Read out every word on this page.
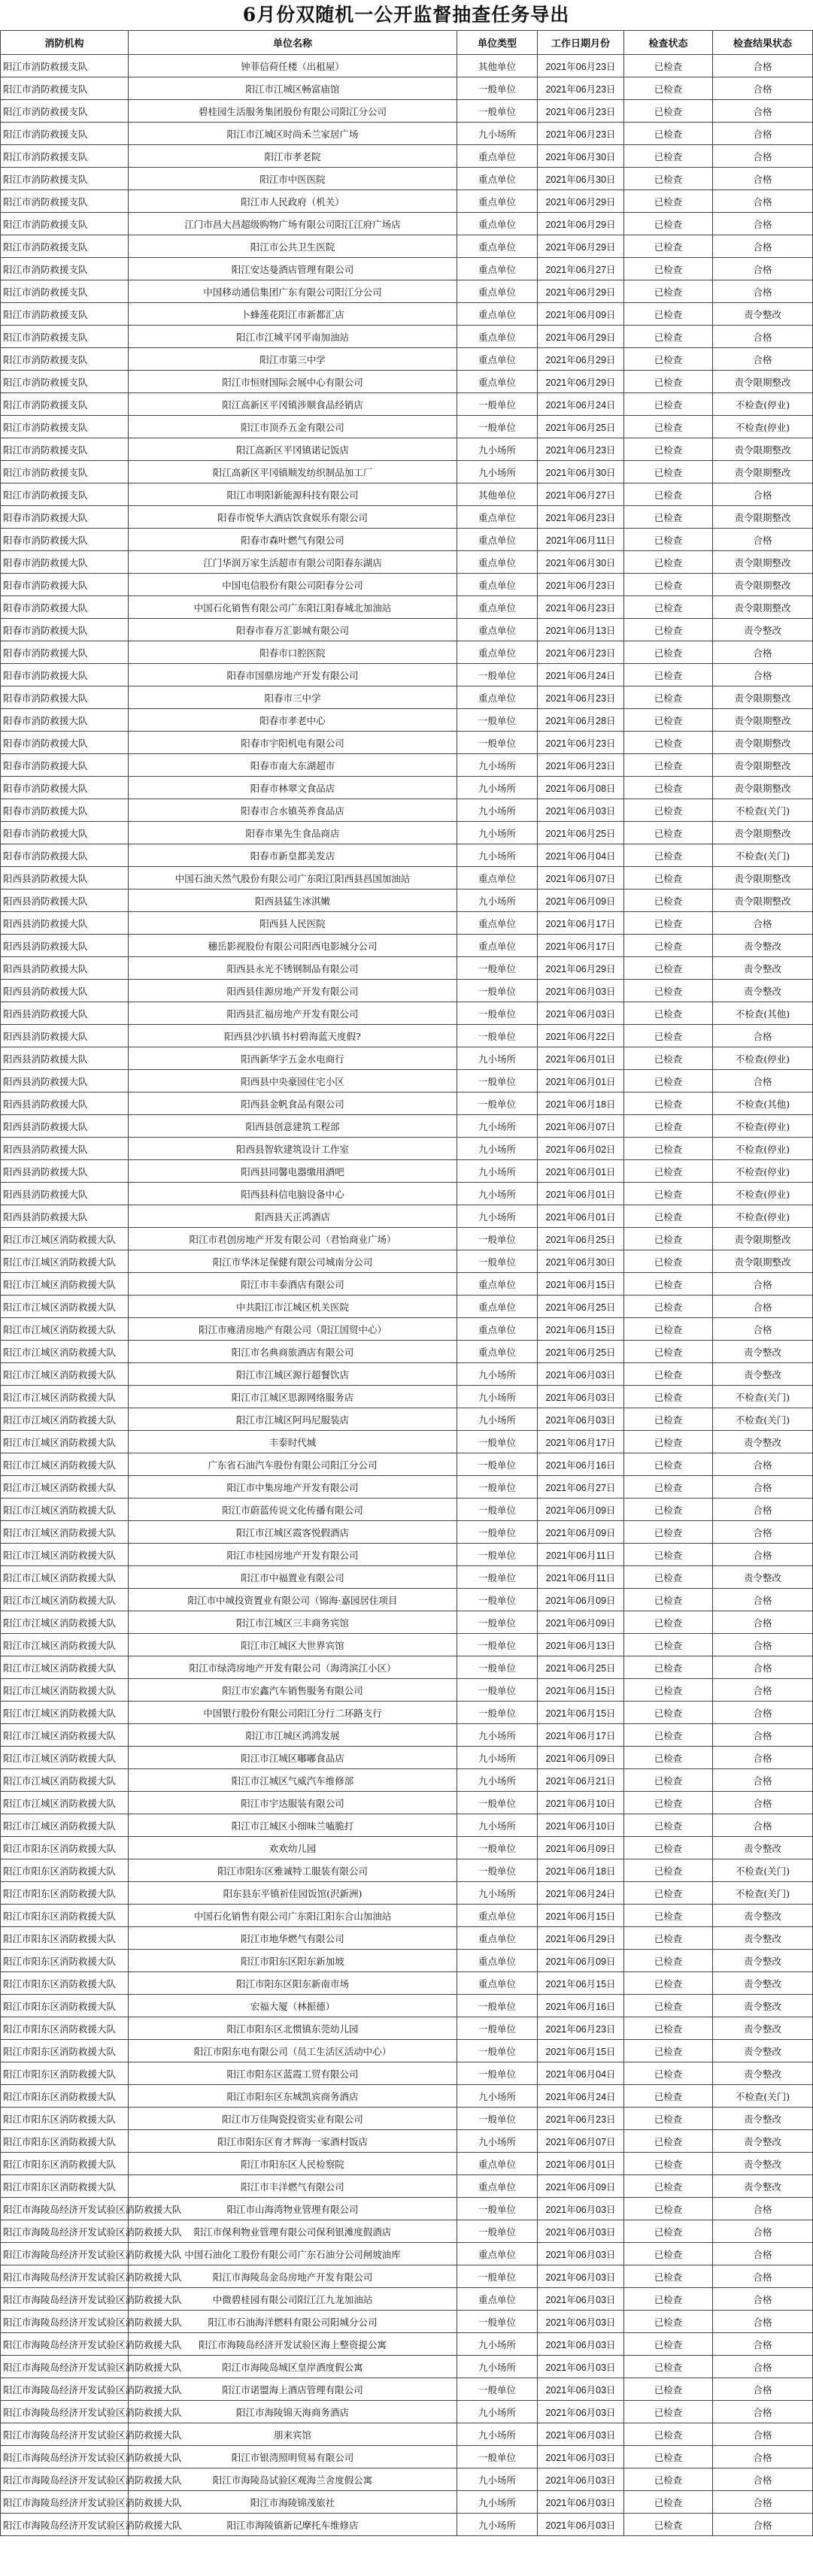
6月份双随机一公开监督抽查任务导出
消防机构	单位名称	单位类型	工作日期月份	检查状态	检查结果状态
阳江市消防救援支队	钟菲信荷任楼（出租屋）	其他单位	2021年06月23日	已检查	合格
阳江市消防救援支队	阳江市江城区畅富庙馆	一般单位	2021年06月23日	已检查	合格
阳江市消防救援支队	碧桂园生活服务集团股份有限公司阳江分公司	一般单位	2021年06月23日	已检查	合格
阳江市消防救援支队	阳江市江城区时尚禾兰家居广场	九小场所	2021年06月23日	已检查	合格
阳江市消防救援支队	阳江市孝老院	重点单位	2021年06月30日	已检查	合格
阳江市消防救援支队	阳江市中医医院	重点单位	2021年06月30日	已检查	合格
阳江市消防救援支队	阳江市人民政府（机关）	重点单位	2021年06月29日	已检查	合格
阳江市消防救援支队	江门市昌大昌超级购物广场有限公司阳江江府广场店	重点单位	2021年06月29日	已检查	合格
阳江市消防救援支队	阳江市公共卫生医院	重点单位	2021年06月29日	已检查	合格
阳江市消防救援支队	阳江安达曼酒店管理有限公司	重点单位	2021年06月27日	已检查	合格
阳江市消防救援支队	中国移动通信集团广东有限公司阳江分公司	重点单位	2021年06月29日	已检查	合格
阳江市消防救援支队	卜蜂莲花阳江市新都汇店	重点单位	2021年06月09日	已检查	责令整改
阳江市消防救援支队	阳江市江城平冈平南加油站	重点单位	2021年06月29日	已检查	合格
阳江市消防救援支队	阳江市第三中学	重点单位	2021年06月29日	已检查	合格
阳江市消防救援支队	阳江市恒财国际会展中心有限公司	重点单位	2021年06月29日	已检查	责令限期整改
阳江市消防救援支队	阳江高新区平冈镇涉顺食品经销店	一般单位	2021年06月24日	已检查	不检查(停业)
阳江市消防救援支队	阳江市顶乔五金有限公司	一般单位	2021年06月25日	已检查	不检查(停业)
阳江市消防救援支队	阳江高新区平冈镇诺记饭店	九小场所	2021年06月23日	已检查	责令限期整改
阳江市消防救援支队	阳江高新区平冈镇顺发纺织制品加工厂	九小场所	2021年06月30日	已检查	责令限期整改
阳江市消防救援支队	阳江市明阳新能源科技有限公司	其他单位	2021年06月27日	已检查	合格
阳春市消防救援大队	阳春市悦华大酒店饮食娱乐有限公司	重点单位	2021年06月23日	已检查	责令限期整改
阳春市消防救援大队	阳春市森叶燃气有限公司	重点单位	2021年06月11日	已检查	合格
阳春市消防救援大队	江门华润万家生活超市有限公司阳春东湖店	重点单位	2021年06月30日	已检查	责令限期整改
阳春市消防救援大队	中国电信股份有限公司阳春分公司	重点单位	2021年06月23日	已检查	责令限期整改
阳春市消防救援大队	中国石化销售有限公司广东阳江阳春城北加油站	重点单位	2021年06月23日	已检查	责令限期整改
阳春市消防救援大队	阳春市春万汇影城有限公司	重点单位	2021年06月13日	已检查	责令整改
阳春市消防救援大队	阳春市口腔医院	重点单位	2021年06月23日	已检查	合格
阳春市消防救援大队	阳春市国鼎房地产开发有限公司	一般单位	2021年06月24日	已检查	合格
阳春市消防救援大队	阳春市三中学	重点单位	2021年06月23日	已检查	责令限期整改
阳春市消防救援大队	阳春市孝老中心	一般单位	2021年06月28日	已检查	责令限期整改
阳春市消防救援大队	阳春市宇阳机电有限公司	一般单位	2021年06月23日	已检查	责令限期整改
阳春市消防救援大队	阳春市南大东湖超市	九小场所	2021年06月23日	已检查	责令限期整改
阳春市消防救援大队	阳春市林翠文食品店	九小场所	2021年06月08日	已检查	责令限期整改
阳春市消防救援大队	阳春市合水镇英养食品店	九小场所	2021年06月03日	已检查	不检查(关门)
阳春市消防救援大队	阳春市果先生食品商店	九小场所	2021年06月25日	已检查	责令限期整改
阳春市消防救援大队	阳春市新皇都美发店	九小场所	2021年06月04日	已检查	不检查(关门)
阳西县消防救援大队	中国石油天然气股份有限公司广东阳江阳西县昌国加油站	重点单位	2021年06月07日	已检查	责令限期整改
阳西县消防救援大队	阳西县猛生冰淇嫩	九小场所	2021年06月09日	已检查	责令限期整改
阳西县消防救援大队	阳西县人民医院	重点单位	2021年06月17日	已检查	合格
阳西县消防救援大队	穗岳影视股份有限公司阳西电影城分公司	重点单位	2021年06月17日	已检查	责令整改
阳西县消防救援大队	阳西县永光不锈钢制品有限公司	一般单位	2021年06月29日	已检查	责令整改
阳西县消防救援大队	阳西县佳源房地产开发有限公司	一般单位	2021年06月03日	已检查	责令整改
阳西县消防救援大队	阳西县汇福房地产开发有限公司	一般单位	2021年06月03日	已检查	不检查(其他)
阳西县消防救援大队	阳西县沙扒镇书村碧海蓝天度假?	一般单位	2021年06月22日	已检查	合格
阳西县消防救援大队	阳西新华字五金水电商行	九小场所	2021年06月01日	已检查	不检查(停业)
阳西县消防救援大队	阳西县中央豪园住宅小区	一般单位	2021年06月01日	已检查	合格
阳西县消防救援大队	阳西县金帆食品有限公司	一般单位	2021年06月18日	已检查	不检查(其他)
阳西县消防救援大队	阳西县创意建筑工程部	九小场所	2021年06月07日	已检查	不检查(停业)
阳西县消防救援大队	阳西县智软建筑设计工作室	九小场所	2021年06月02日	已检查	不检查(停业)
阳西县消防救援大队	阳西县同馨电器缴用酒吧	九小场所	2021年06月01日	已检查	不检查(停业)
阳西县消防救援大队	阳西县科信电脑设备中心	九小场所	2021年06月01日	已检查	不检查(停业)
阳西县消防救援大队	阳西县天正鸿酒店	九小场所	2021年06月01日	已检查	不检查(停业)
阳江市江城区消防救援大队	阳江市君创房地产开发有限公司（君怡商业广场）	一般单位	2021年06月25日	已检查	责令限期整改
阳江市江城区消防救援大队	阳江市华沐足保健有限公司城南分公司	一般单位	2021年06月30日	已检查	责令限期整改
阳江市江城区消防救援大队	阳江市丰泰酒店有限公司	重点单位	2021年06月15日	已检查	合格
阳江市江城区消防救援大队	中共阳江市江城区机关医院	重点单位	2021年06月25日	已检查	合格
阳江市江城区消防救援大队	阳江市雍清房地产有限公司（阳江国贸中心）	重点单位	2021年06月15日	已检查	合格
阳江市江城区消防救援大队	阳江市名典商旅酒店有限公司	重点单位	2021年06月25日	已检查	责令整改
阳江市江城区消防救援大队	阳江市江城区源行超餐饮店	九小场所	2021年06月03日	已检查	责令整改
阳江市江城区消防救援大队	阳江市江城区思源网络服务店	九小场所	2021年06月03日	已检查	不检查(关门)
阳江市江城区消防救援大队	阳江市江城区阿玛尼服装店	九小场所	2021年06月03日	已检查	不检查(关门)
阳江市江城区消防救援大队	丰泰时代城	一般单位	2021年06月17日	已检查	责令整改
阳江市江城区消防救援大队	广东省石油汽车股份有限公司阳江分公司	一般单位	2021年06月16日	已检查	合格
阳江市江城区消防救援大队	阳江市中集房地产开发有限公司	一般单位	2021年06月27日	已检查	合格
阳江市江城区消防救援大队	阳江市蔚蓝传说文化传播有限公司	一般单位	2021年06月09日	已检查	合格
阳江市江城区消防救援大队	阳江市江城区霞客悦假酒店	一般单位	2021年06月09日	已检查	合格
阳江市江城区消防救援大队	阳江市桂园房地产开发有限公司	一般单位	2021年06月11日	已检查	合格
阳江市江城区消防救援大队	阳江市中福置业有限公司	一般单位	2021年06月11日	已检查	责令整改
阳江市江城区消防救援大队	阳江市中城投资置业有限公司（锦海·嘉园居住项目	一般单位	2021年06月09日	已检查	合格
阳江市江城区消防救援大队	阳江市江城区三丰商务宾馆	一般单位	2021年06月09日	已检查	合格
阳江市江城区消防救援大队	阳江市江城区大世界宾馆	一般单位	2021年06月13日	已检查	合格
阳江市江城区消防救援大队	阳江市绿湾房地产开发有限公司（海湾滨江小区）	一般单位	2021年06月25日	已检查	合格
阳江市江城区消防救援大队	阳江市宏鑫汽车销售服务有限公司	一般单位	2021年06月15日	已检查	合格
阳江市江城区消防救援大队	中国银行股份有限公司阳江分行二环路支行	一般单位	2021年06月15日	已检查	合格
阳江市江城区消防救援大队	阳江市江城区鸿鸿发展	九小场所	2021年06月17日	已检查	合格
阳江市江城区消防救援大队	阳江市江城区嘟嘟食品店	九小场所	2021年06月09日	已检查	合格
阳江市江城区消防救援大队	阳江市江城区气威汽车维修部	九小场所	2021年06月21日	已检查	合格
阳江市江城区消防救援大队	阳江市宇达服装有限公司	一般单位	2021年06月10日	已检查	合格
阳江市江城区消防救援大队	阳江市江城区小细味兰嗑脆打	九小场所	2021年06月10日	已检查	合格
阳江市阳东区消防救援大队	欢欢幼儿园	一般单位	2021年06月09日	已检查	责令整改
阳江市阳东区消防救援大队	阳江市阳东区雅诚特工服装有限公司	一般单位	2021年06月18日	已检查	不检查(关门)
阳江市阳东区消防救援大队	阳东县东平镇祈佳园饭馆(沢新洲)	九小场所	2021年06月24日	已检查	不检查(关门)
阳江市阳东区消防救援大队	中国石化销售有限公司广东阳江阳东合山加油站	重点单位	2021年06月15日	已检查	责令整改
阳江市阳东区消防救援大队	阳江市地华燃气有限公司	重点单位	2021年06月29日	已检查	责令整改
阳江市阳东区消防救援大队	阳江市阳东区阳东新加坡	重点单位	2021年06月09日	已检查	责令整改
阳江市阳东区消防救援大队	阳江市阳东区阳东新南市场	重点单位	2021年06月15日	已检查	责令整改
阳江市阳东区消防救援大队	宏福大厦（林振德）	一般单位	2021年06月16日	已检查	责令整改
阳江市阳东区消防救援大队	阳江市阳东区北惯镇东莞幼儿园	一般单位	2021年06月23日	已检查	责令整改
阳江市阳东区消防救援大队	阳江市阳东电有限公司（员工生活区活动中心）	一般单位	2021年06月15日	已检查	责令整改
阳江市阳东区消防救援大队	阳江市阳东区蓝霞工贸有限公司	一般单位	2021年06月04日	已检查	责令整改
阳江市阳东区消防救援大队	阳江市阳东区东城凯宾商务酒店	九小场所	2021年06月24日	已检查	不检查(关门)
阳江市阳东区消防救援大队	阳江市万佳陶瓷投资实业有限公司	一般单位	2021年06月23日	已检查	责令整改
阳江市阳东区消防救援大队	阳江市阳东区育才辉海一家酒村饭店	九小场所	2021年06月07日	已检查	责令整改
阳江市阳东区消防救援大队	阳江市阳东区人民检察院	重点单位	2021年06月01日	已检查	责令整改
阳江市阳东区消防救援大队	阳江市丰洋燃气有限公司	重点单位	2021年06月09日	已检查	责令整改
阳江市海陵岛经济开发试验区消防救援大队	阳江市山海湾物业管理有限公司	一般单位	2021年06月03日	已检查	合格
阳江市海陵岛经济开发试验区消防救援大队	阳江市保利物业管理有限公司保利银滩度假酒店	一般单位	2021年06月03日	已检查	合格
阳江市海陵岛经济开发试验区消防救援大队	中国石油化工股份有限公司广东石油分公司闸坡油库	重点单位	2021年06月03日	已检查	合格
阳江市海陵岛经济开发试验区消防救援大队	阳江市海陵岛金岛房地产开发有限公司	一般单位	2021年06月03日	已检查	合格
阳江市海陵岛经济开发试验区消防救援大队	中微碧桂园有限公司阳江江九龙加油站	重点单位	2021年06月03日	已检查	合格
阳江市海陵岛经济开发试验区消防救援大队	阳江市石油海洋燃料有限公司阳城分公司	一般单位	2021年06月03日	已检查	合格
阳江市海陵岛经济开发试验区消防救援大队	阳江市海陵岛经济开发试验区海上整资提公寓	九小场所	2021年06月03日	已检查	合格
阳江市海陵岛经济开发试验区消防救援大队	阳江市海陵岛城区皇岸酒度假公寓	九小场所	2021年06月03日	已检查	合格
阳江市海陵岛经济开发试验区消防救援大队	阳江市诺盟海上酒店管理有限公司	一般单位	2021年06月03日	已检查	合格
阳江市海陵岛经济开发试验区消防救援大队	阳江市海陵锦天海商务酒店	九小场所	2021年06月03日	已检查	合格
阳江市海陵岛经济开发试验区消防救援大队	朋来宾馆	九小场所	2021年06月03日	已检查	合格
阳江市海陵岛经济开发试验区消防救援大队	阳江市银湾照明贸易有限公司	一般单位	2021年06月03日	已检查	合格
阳江市海陵岛经济开发试验区消防救援大队	阳江市海陵岛试验区观海兰舍度假公寓	九小场所	2021年06月03日	已检查	合格
阳江市海陵岛经济开发试验区消防救援大队	阳江市海陵锦茂旅社	九小场所	2021年06月03日	已检查	合格
阳江市海陵岛经济开发试验区消防救援大队	阳江市海陵镇新记摩托车维修店	九小场所	2021年06月03日	已检查	合格
